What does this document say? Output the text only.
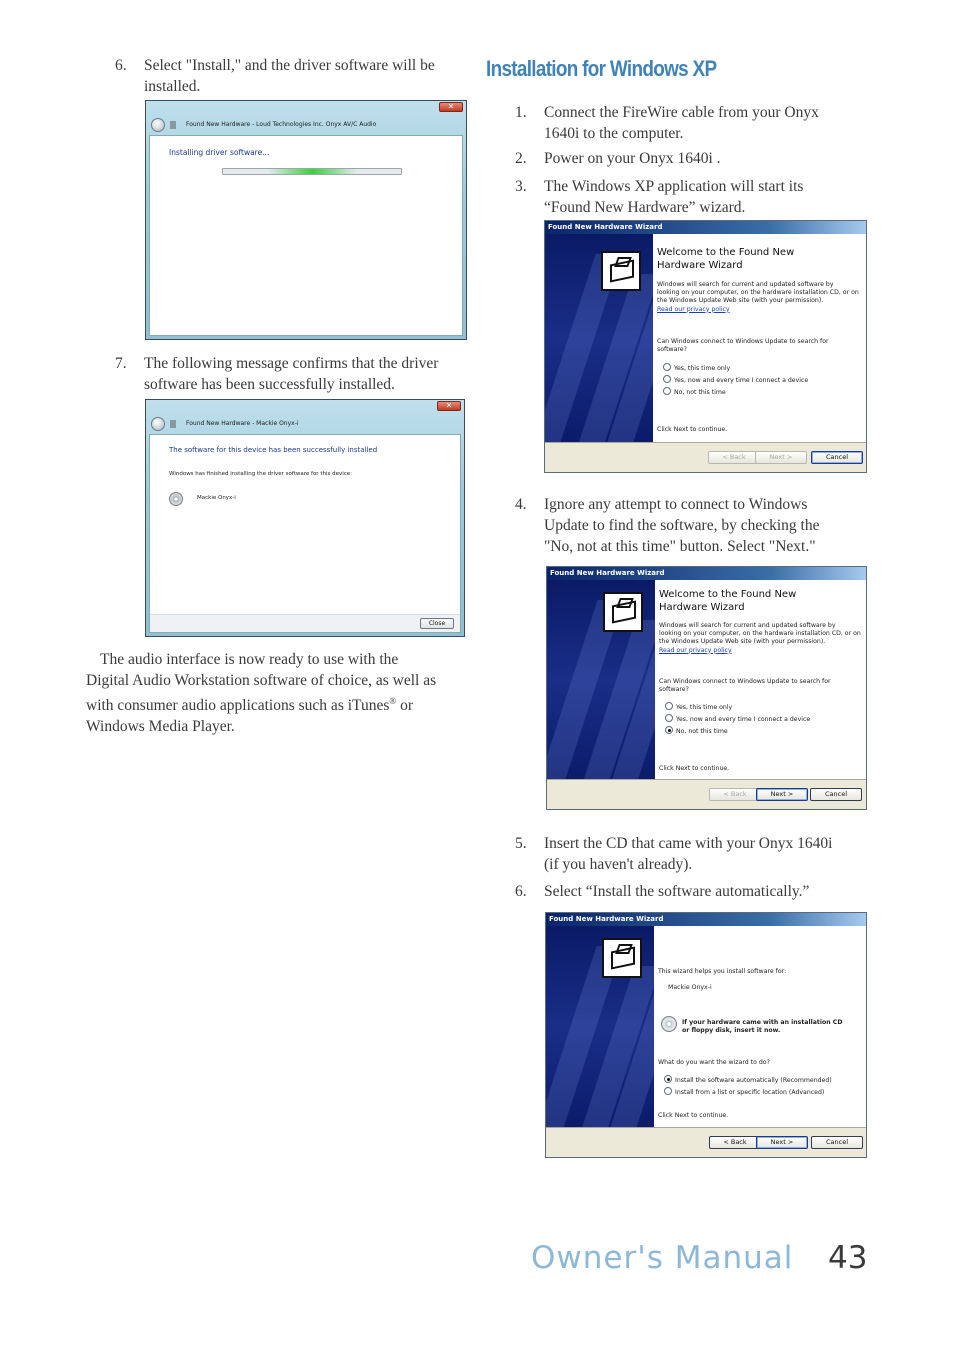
6. Select "Install," and the driver software will be
installed.
✕
Found New Hardware - Loud Technologies Inc. Onyx AV/C Audio
Installing driver software...
7. The following message confirms that the driver
software has been successfully installed.
✕
Found New Hardware - Mackie Onyx-i
The software for this device has been successfully installed
Windows has finished installing the driver software for this device:
Mackie Onyx-i
Close
The audio interface is now ready to use with the
Digital Audio Workstation software of choice, as well as
with consumer audio applications such as iTunes® or
Windows Media Player.
Installation for Windows XP
1. Connect the FireWire cable from your Onyx
1640i to the computer.
2. Power on your Onyx 1640i .
3. The Windows XP application will start its
“Found New Hardware” wizard.
Found New Hardware Wizard
Welcome to the Found New
Hardware Wizard
Windows will search for current and updated software by
looking on your computer, on the hardware installation CD, or on
the Windows Update Web site (with your permission).
Read our privacy policy
Can Windows connect to Windows Update to search for
software?
Yes, this time only
Yes, now and every time I connect a device
No, not this time
Click Next to continue.
< Back	Next >	Cancel
4. Ignore any attempt to connect to Windows
Update to find the software, by checking the
"No, not at this time" button. Select "Next."
Found New Hardware Wizard
Welcome to the Found New
Hardware Wizard
Windows will search for current and updated software by
looking on your computer, on the hardware installation CD, or on
the Windows Update Web site (with your permission).
Read our privacy policy
Can Windows connect to Windows Update to search for
software?
Yes, this time only
Yes, now and every time I connect a device
No, not this time
Click Next to continue.
< Back	Next >	Cancel
5. Insert the CD that came with your Onyx 1640i
(if you haven't already).
6. Select “Install the software automatically.”
Found New Hardware Wizard
This wizard helps you install software for:
Mackie Onyx-i
If your hardware came with an installation CD
or floppy disk, insert it now.
What do you want the wizard to do?
Install the software automatically (Recommended)
Install from a list or specific location (Advanced)
Click Next to continue.
< Back	Next >	Cancel
Owner's Manual 43
